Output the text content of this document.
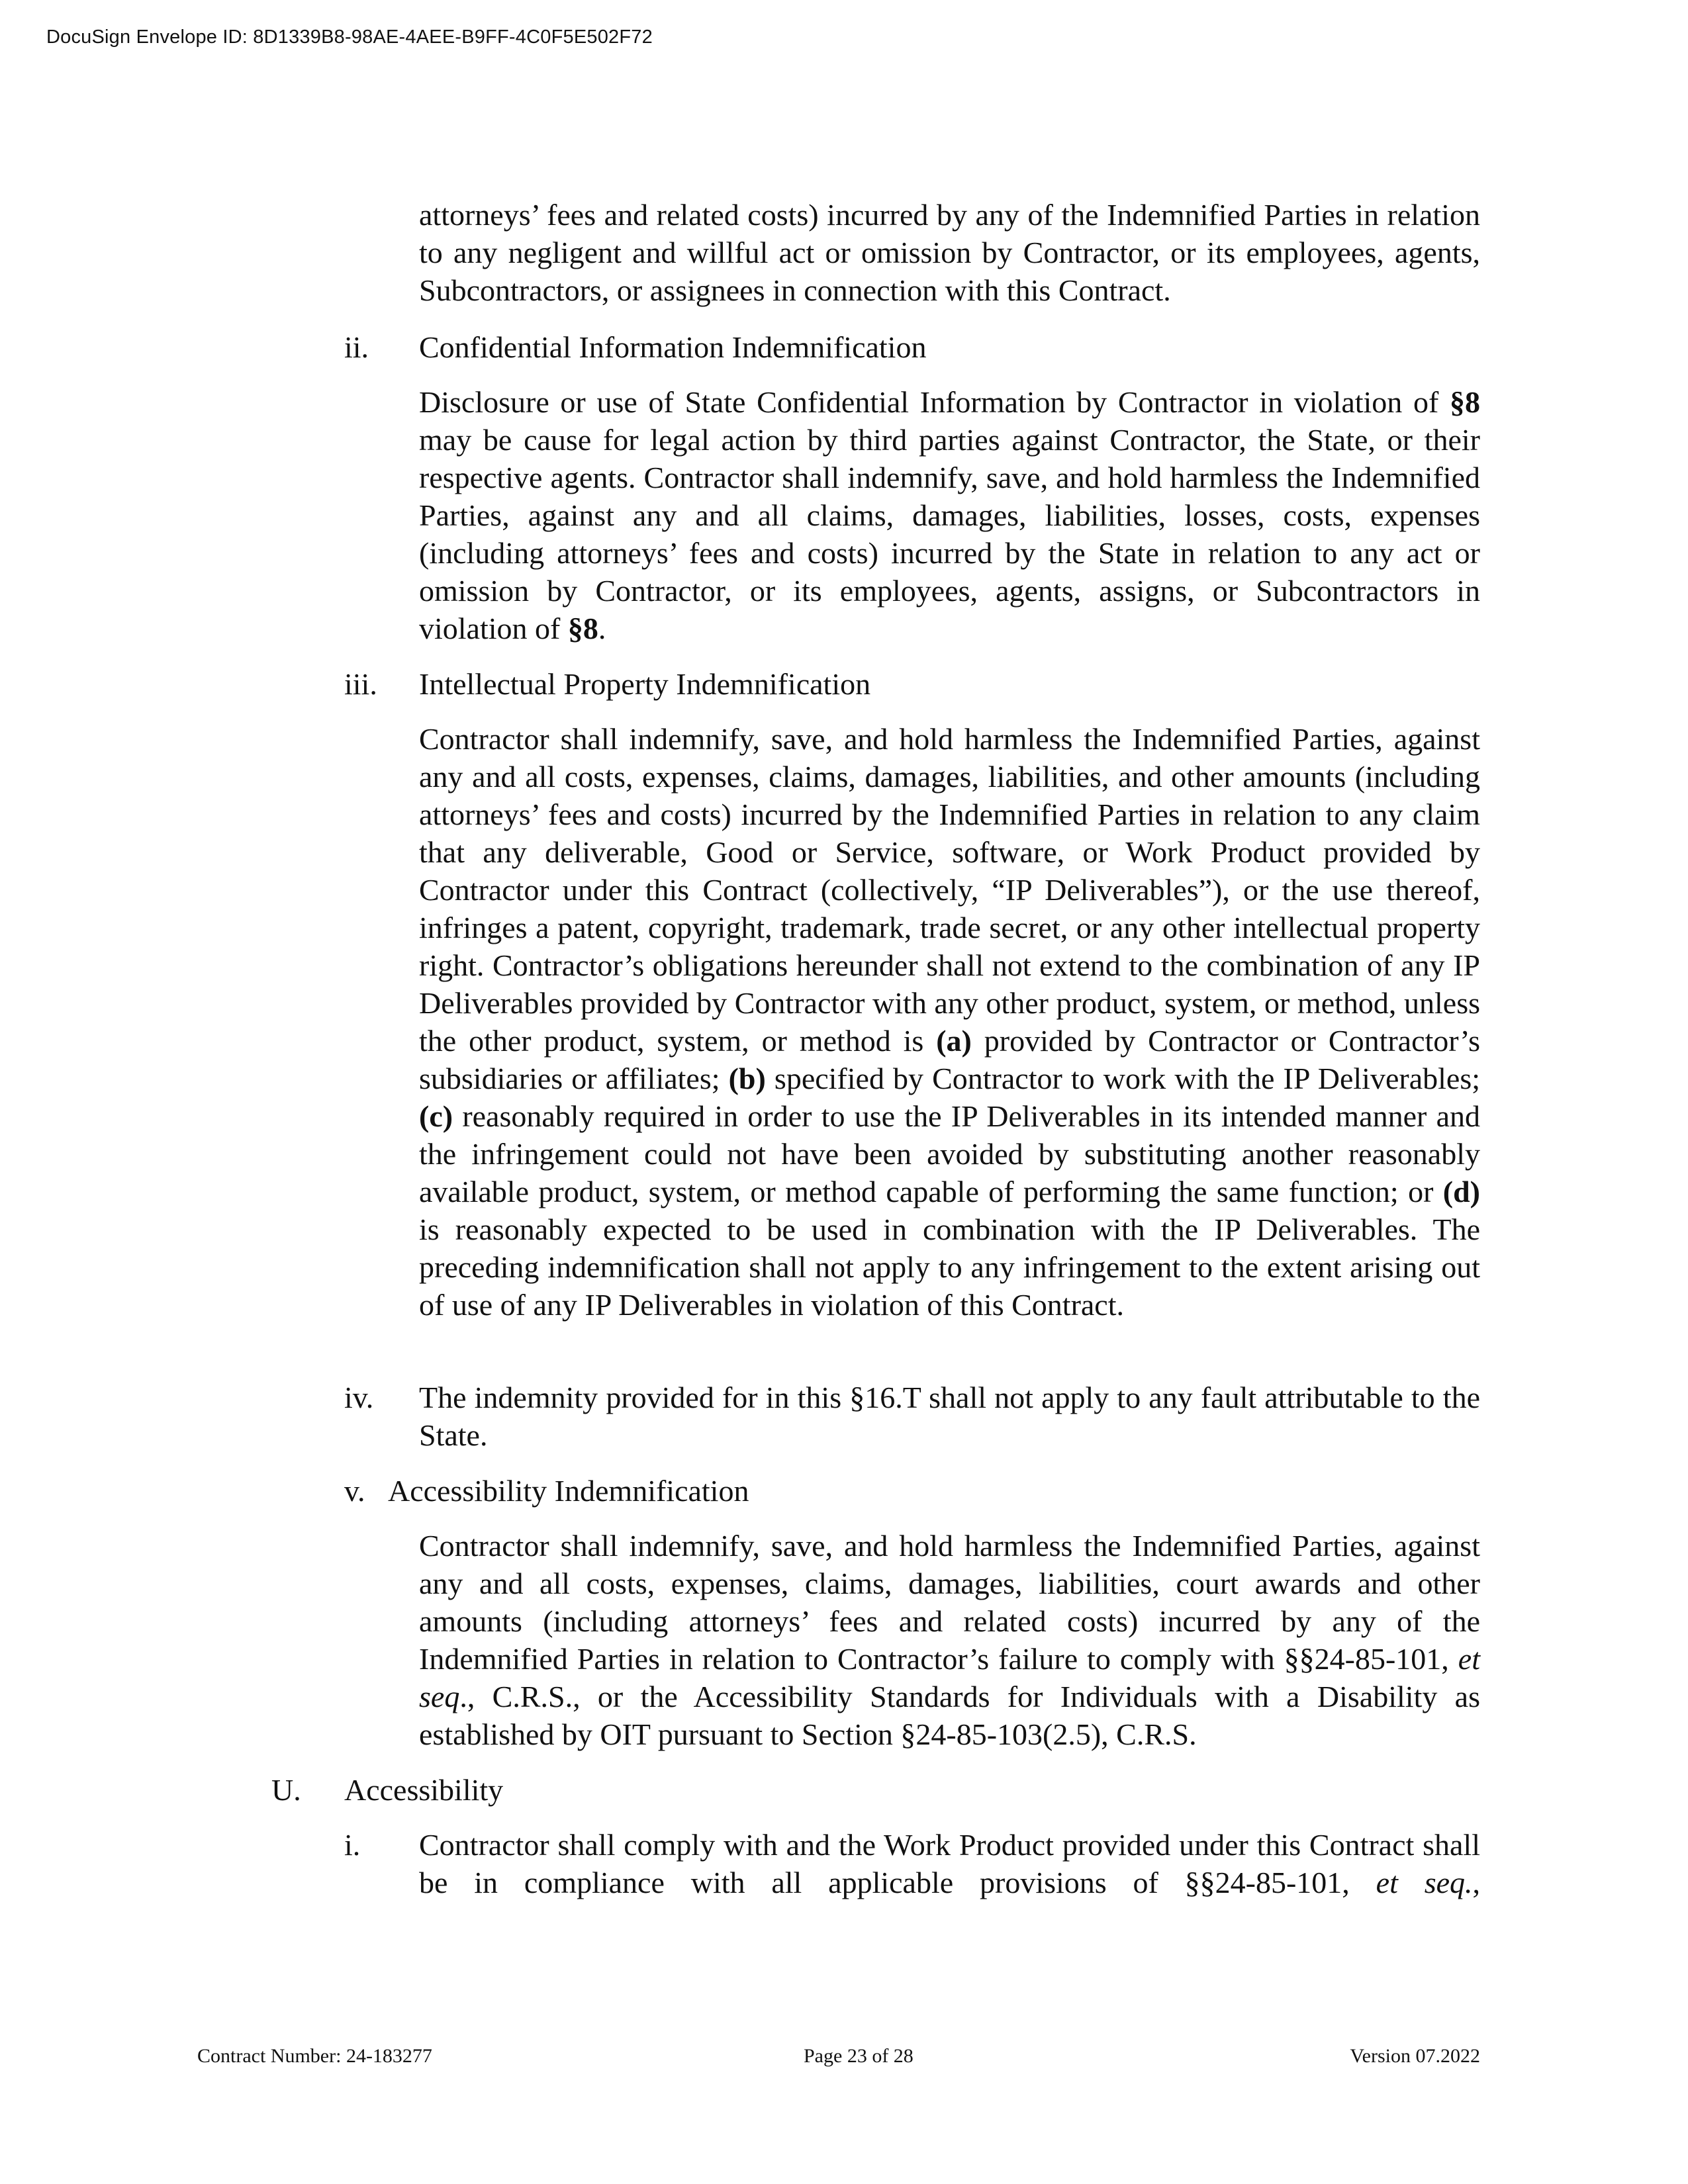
DocuSign Envelope ID: 8D1339B8-98AE-4AEE-B9FF-4C0F5E502F72

attorneys’ fees and related costs) incurred by any of the Indemnified Parties in relation to any negligent and willful act or omission by Contractor, or its employees, agents, Subcontractors, or assignees in connection with this Contract.

ii. Confidential Information Indemnification

Disclosure or use of State Confidential Information by Contractor in violation of §8 may be cause for legal action by third parties against Contractor, the State, or their respective agents. Contractor shall indemnify, save, and hold harmless the Indemnified Parties, against any and all claims, damages, liabilities, losses, costs, expenses (including attorneys’ fees and costs) incurred by the State in relation to any act or omission by Contractor, or its employees, agents, assigns, or Subcontractors in violation of §8.

iii. Intellectual Property Indemnification

Contractor shall indemnify, save, and hold harmless the Indemnified Parties, against any and all costs, expenses, claims, damages, liabilities, and other amounts (including attorneys’ fees and costs) incurred by the Indemnified Parties in relation to any claim that any deliverable, Good or Service, software, or Work Product provided by Contractor under this Contract (collectively, “IP Deliverables”), or the use thereof, infringes a patent, copyright, trademark, trade secret, or any other intellectual property right. Contractor’s obligations hereunder shall not extend to the combination of any IP Deliverables provided by Contractor with any other product, system, or method, unless the other product, system, or method is (a) provided by Contractor or Contractor’s subsidiaries or affiliates; (b) specified by Contractor to work with the IP Deliverables; (c) reasonably required in order to use the IP Deliverables in its intended manner and the infringement could not have been avoided by substituting another reasonably available product, system, or method capable of performing the same function; or (d) is reasonably expected to be used in combination with the IP Deliverables. The preceding indemnification shall not apply to any infringement to the extent arising out of use of any IP Deliverables in violation of this Contract.

iv. The indemnity provided for in this §16.T shall not apply to any fault attributable to the State.

v. Accessibility Indemnification

Contractor shall indemnify, save, and hold harmless the Indemnified Parties, against any and all costs, expenses, claims, damages, liabilities, court awards and other amounts (including attorneys’ fees and related costs) incurred by any of the Indemnified Parties in relation to Contractor’s failure to comply with §§24-85-101, et seq., C.R.S., or the Accessibility Standards for Individuals with a Disability as established by OIT pursuant to Section §24-85-103(2.5), C.R.S.

U. Accessibility

i. Contractor shall comply with and the Work Product provided under this Contract shall be in compliance with all applicable provisions of §§24-85-101, et seq.,

Contract Number: 24-183277	Page 23 of 28	Version 07.2022
